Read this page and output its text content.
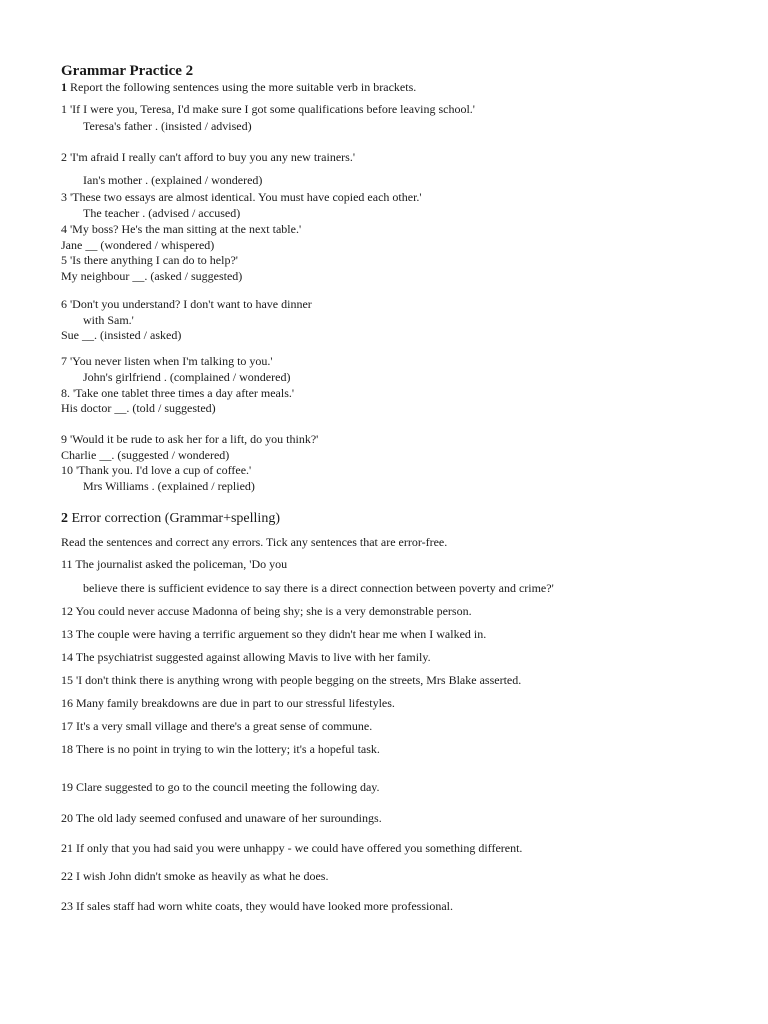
Grammar Practice 2
1 Report the following sentences using the more suitable verb in brackets.
1 'If I were you, Teresa, I'd make sure I got some qualifications before leaving school.'
Teresa's father . (insisted / advised)
2 'I'm afraid I really can't afford to buy you any new trainers.'
Ian's mother . (explained / wondered)
3 'These two essays are almost identical. You must have copied each other.'
The teacher . (advised / accused)
4 'My boss? He's the man sitting at the next table.'
Jane __ (wondered / whispered)
5 'Is there anything I can do to help?'
My neighbour __. (asked / suggested)
6 'Don't you understand? I don't want to have dinner
with Sam.'
Sue __. (insisted / asked)
7 'You never listen when I'm talking to you.'
John's girlfriend . (complained / wondered)
8. 'Take one tablet three times a day after meals.'
His doctor __. (told / suggested)
9 'Would it be rude to ask her for a lift, do you think?'
Charlie __. (suggested / wondered)
10 'Thank you. I'd love a cup of coffee.'
Mrs Williams . (explained / replied)
2 Error correction (Grammar+spelling)
Read the sentences and correct any errors. Tick any sentences that are error-free.
11 The journalist asked the policeman, 'Do you
believe there is sufficient evidence to say there is a direct connection between poverty and crime?'
12 You could never accuse Madonna of being shy; she is a very demonstrable person.
13 The couple were having a terrific arguement so they didn't hear me when I walked in.
14 The psychiatrist suggested against allowing Mavis to live with her family.
15 'I don't think there is anything wrong with people begging on the streets, Mrs Blake asserted.
16 Many family breakdowns are due in part to our stressful lifestyles.
17 It's a very small village and there's a great sense of commune.
18 There is no point in trying to win the lottery; it's a hopeful task.
19 Clare suggested to go to the council meeting the following day.
20 The old lady seemed confused and unaware of her suroundings.
21 If only that you had said you were unhappy - we could have offered you something different.
22 I wish John didn't smoke as heavily as what he does.
23 If sales staff had worn white coats, they would have looked more professional.
